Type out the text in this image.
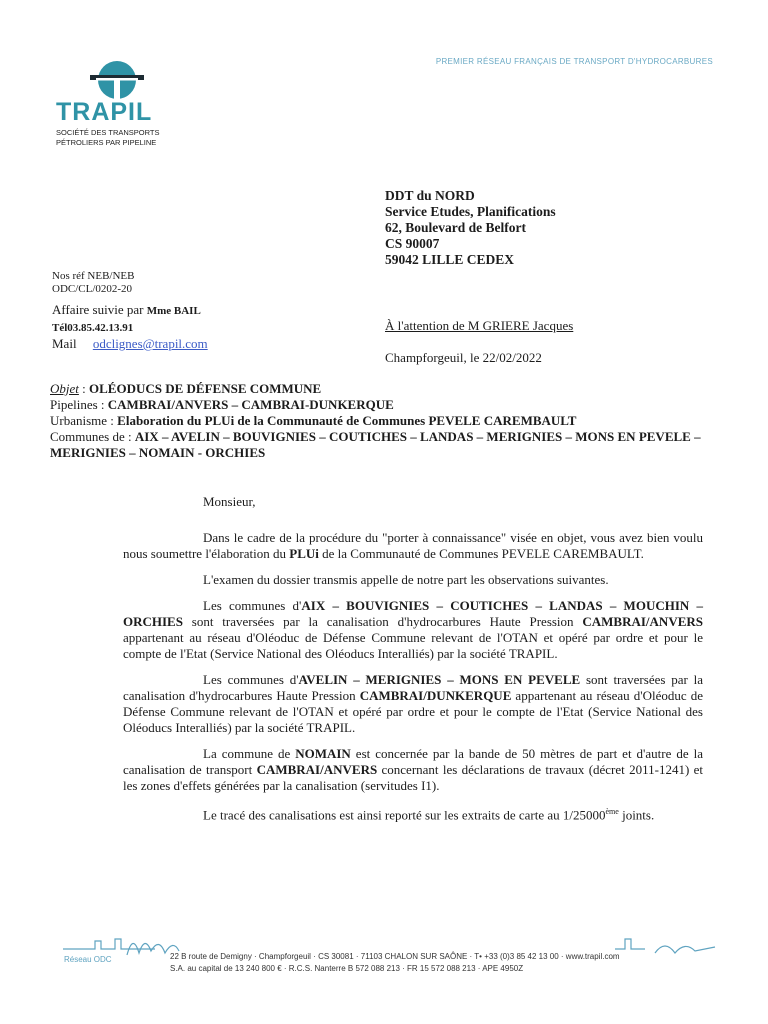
TRAPIL
SOCIÉTÉ DES TRANSPORTS
PÉTROLIERS PAR PIPELINE
PREMIER RÉSEAU FRANÇAIS DE TRANSPORT D'HYDROCARBURES
DDT du NORD
Service Etudes, Planifications
62, Boulevard de Belfort
CS 90007
59042 LILLE CEDEX
Nos réf NEB/NEB
ODC/CL/0202-20
Affaire suivie par Mme BAIL
Tél03.85.42.13.91
Mail odclignes@trapil.com
À l'attention de M GRIERE Jacques
Champforgeuil, le 22/02/2022
Objet : OLÉODUCS DE DÉFENSE COMMUNE
Pipelines : CAMBRAI/ANVERS – CAMBRAI-DUNKERQUE
Urbanisme : Elaboration du PLUi de la Communauté de Communes PEVELE CAREMBAULT
Communes de : AIX – AVELIN – BOUVIGNIES – COUTICHES – LANDAS – MERIGNIES – MONS EN PEVELE – MERIGNIES – NOMAIN - ORCHIES
Monsieur,

Dans le cadre de la procédure du "porter à connaissance" visée en objet, vous avez bien voulu nous soumettre l'élaboration du PLUi de la Communauté de Communes PEVELE CAREMBAULT.

L'examen du dossier transmis appelle de notre part les observations suivantes.

Les communes d'AIX – BOUVIGNIES – COUTICHES – LANDAS – MOUCHIN – ORCHIES sont traversées par la canalisation d'hydrocarbures Haute Pression CAMBRAI/ANVERS appartenant au réseau d'Oléoduc de Défense Commune relevant de l'OTAN et opéré par ordre et pour le compte de l'Etat (Service National des Oléoducs Interalliés) par la société TRAPIL.

Les communes d'AVELIN – MERIGNIES – MONS EN PEVELE sont traversées par la canalisation d'hydrocarbures Haute Pression CAMBRAI/DUNKERQUE appartenant au réseau d'Oléoduc de Défense Commune relevant de l'OTAN et opéré par ordre et pour le compte de l'Etat (Service National des Oléoducs Interalliés) par la société TRAPIL.

La commune de NOMAIN est concernée par la bande de 50 mètres de part et d'autre de la canalisation de transport CAMBRAI/ANVERS concernant les déclarations de travaux (décret 2011-1241) et les zones d'effets générées par la canalisation (servitudes I1).

Le tracé des canalisations est ainsi reporté sur les extraits de carte au 1/25000ème joints.

Réseau ODC	22 B route de Demigny · Champforgeuil · CS 30081 · 71103 CHALON SUR SAÔNE · T• +33 (0)3 85 42 13 00 · www.trapil.com
S.A. au capital de 13 240 800 € · R.C.S. Nanterre B 572 088 213 · FR 15 572 088 213 · APE 4950Z
